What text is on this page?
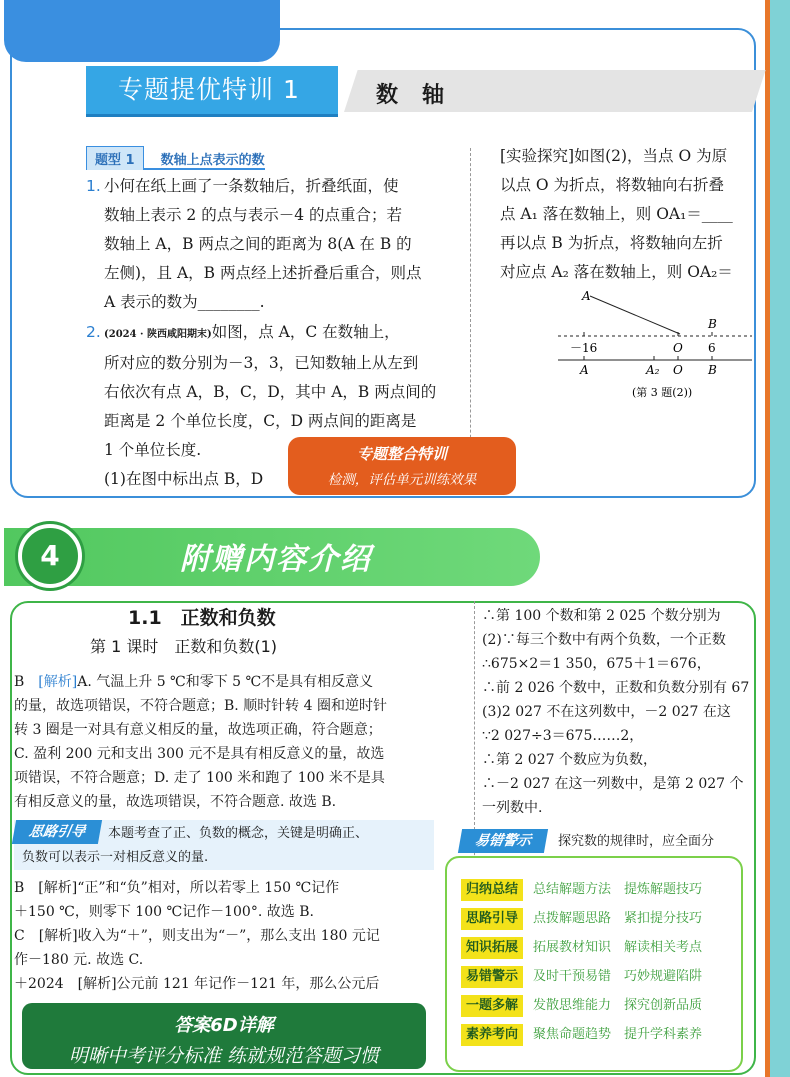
专题提优特训 1	数轴
题型 1 数轴上点表示的数
1. 小何在纸上画了一条数轴后，折叠纸面，使
数轴上表示 2 的点与表示－4 的点重合；若
数轴上 A，B 两点之间的距离为 8(A 在 B 的
左侧)，且 A，B 两点经上述折叠后重合，则点
A 表示的数为________.
2. (2024 · 陕西咸阳期末)如图，点 A，C 在数轴上，
所对应的数分别为－3，3，已知数轴上从左到
右依次有点 A，B，C，D，其中 A，B 两点间的
距离是 2 个单位长度，C，D 两点间的距离是
1 个单位长度.
(1)在图中标出点 B，D
[实验探究]如图(2)，当点 O 为原
以点 O 为折点，将数轴向右折叠
点 A₁ 落在数轴上，则 OA₁＝____
再以点 B 为折点，将数轴向左折
对应点 A₂ 落在数轴上，则 OA₂＝
A
B
－16	O 6
A	A₂ O B
(第 3 题(2))
专题整合特训
检测，评估单元训练效果
4	附赠内容介绍
1.1　正数和负数
第 1 课时　正数和负数(1)
B　 [解析]A. 气温上升 5 ℃和零下 5 ℃不是具有相反意义
的量，故选项错误，不符合题意；B. 顺时针转 4 圈和逆时针
转 3 圈是一对具有意义相反的量，故选项正确，符合题意；
C. 盈利 200 元和支出 300 元不是具有相反意义的量，故选
项错误，不符合题意；D. 走了 100 米和跑了 100 米不是具
有相反意义的量，故选项错误，不符合题意. 故选 B.
思路引导	本题考查了正、负数的概念，关键是明确正、
负数可以表示一对相反意义的量.
B　[解析]“正”和“负”相对，所以若零上 150 ℃记作
＋150 ℃，则零下 100 ℃记作－100°. 故选 B.
C　[解析]收入为“＋”，则支出为“－”，那么支出 180 元记
作－180 元. 故选 C.
＋2024　[解析]公元前 121 年记作－121 年，那么公元后
∴第 100 个数和第 2 025 个数分别为
(2)∵每三个数中有两个负数，一个正数
∴675×2＝1 350，675＋1＝676，
∴前 2 026 个数中，正数和负数分别有 67
(3)2 027 不在这列数中，－2 027 在这
∵2 027÷3＝675……2，
∴第 2 027 个数应为负数，
∴－2 027 在这一列数中，是第 2 027 个
一列数中.
易错警示	探究数的规律时，应全面分
答案6D详解
明晰中考评分标准 练就规范答题习惯
归纳总结 总结解题方法　提炼解题技巧
思路引导 点拨解题思路　紧扣提分技巧
知识拓展 拓展教材知识　解读相关考点
易错警示 及时干预易错　巧妙规避陷阱
一题多解 发散思维能力　探究创新品质
素养考向 聚焦命题趋势　提升学科素养
